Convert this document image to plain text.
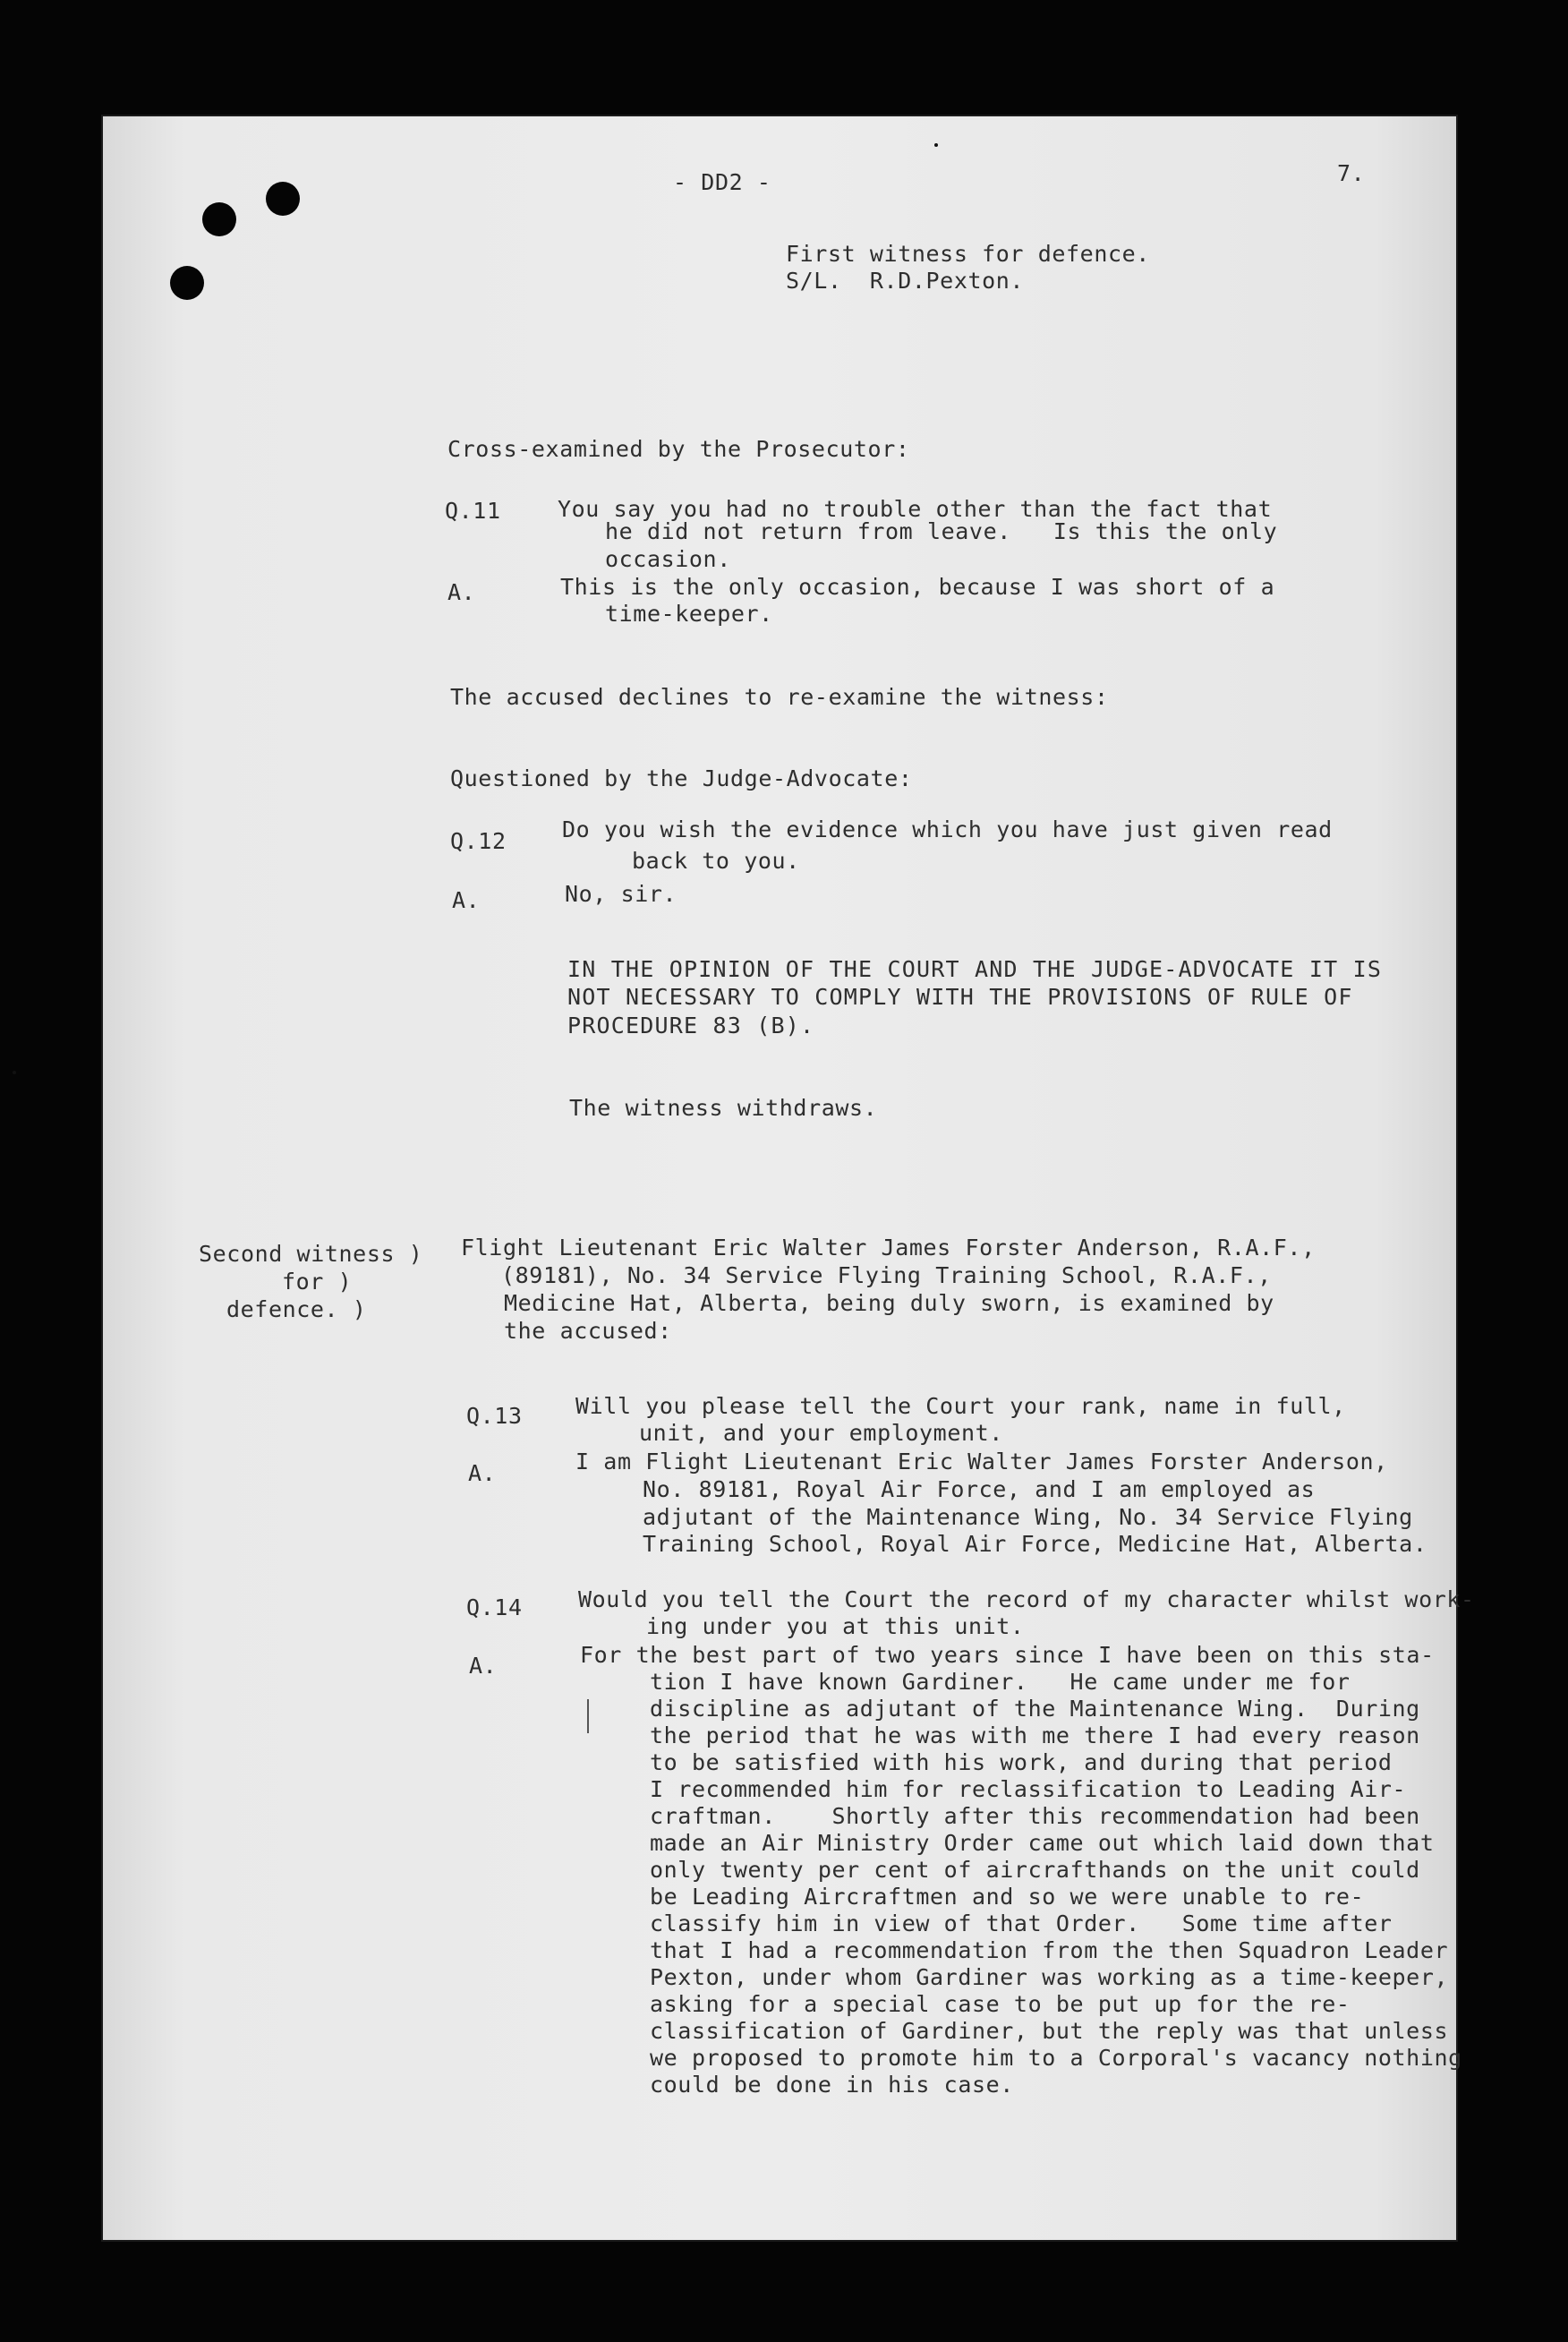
- DD2 -	7.
First witness for defence.
S/L.  R.D.Pexton.
Cross-examined by the Prosecutor:
Q.11	You say you had no trouble other than the fact that
he did not return from leave.   Is this the only
occasion.
A.	This is the only occasion, because I was short of a
time-keeper.
The accused declines to re-examine the witness:
Questioned by the Judge-Advocate:
Q.12 Do you wish the evidence which you have just given read
back to you.
A.	No, sir.
IN THE OPINION OF THE COURT AND THE JUDGE-ADVOCATE IT IS
NOT NECESSARY TO COMPLY WITH THE PROVISIONS OF RULE OF
PROCEDURE 83 (B).
The witness withdraws.
Second witness )
for )
defence. )
Flight Lieutenant Eric Walter James Forster Anderson, R.A.F.,
(89181), No. 34 Service Flying Training School, R.A.F.,
Medicine Hat, Alberta, being duly sworn, is examined by
the accused:
Q.13 Will you please tell the Court your rank, name in full,
unit, and your employment.
A.	I am Flight Lieutenant Eric Walter James Forster Anderson,
No. 89181, Royal Air Force, and I am employed as
adjutant of the Maintenance Wing, No. 34 Service Flying
Training School, Royal Air Force, Medicine Hat, Alberta.
Q.14 Would you tell the Court the record of my character whilst work-
ing under you at this unit.
A.	For the best part of two years since I have been on this sta-
tion I have known Gardiner.   He came under me for
discipline as adjutant of the Maintenance Wing.  During
the period that he was with me there I had every reason
to be satisfied with his work, and during that period
I recommended him for reclassification to Leading Air-
craftman.    Shortly after this recommendation had been
made an Air Ministry Order came out which laid down that
only twenty per cent of aircrafthands on the unit could
be Leading Aircraftmen and so we were unable to re-
classify him in view of that Order.   Some time after
that I had a recommendation from the then Squadron Leader
Pexton, under whom Gardiner was working as a time-keeper,
asking for a special case to be put up for the re-
classification of Gardiner, but the reply was that unless
we proposed to promote him to a Corporal's vacancy nothing
could be done in his case.
